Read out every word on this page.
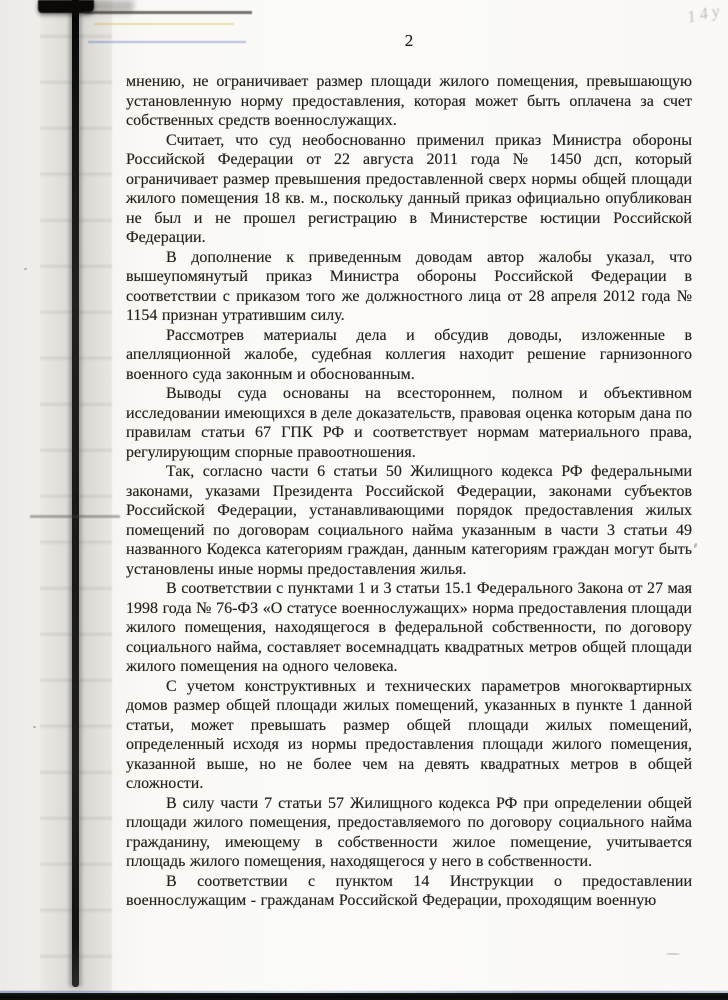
14у
2

мнению, не ограничивает размер площади жилого помещения, превышающую установленную норму предоставления, которая может быть оплачена за счет собственных средств военнослужащих.

Считает, что суд необоснованно применил приказ Министра обороны Российской Федерации от 22 августа 2011 года № 1450 дсп, который ограничивает размер превышения предоставленной сверх нормы общей площади жилого помещения 18 кв. м., поскольку данный приказ официально опубликован не был и не прошел регистрацию в Министерстве юстиции Российской Федерации.

В дополнение к приведенным доводам автор жалобы указал, что вышеупомянутый приказ Министра обороны Российской Федерации в соответствии с приказом того же должностного лица от 28 апреля 2012 года № 1154 признан утратившим силу.

Рассмотрев материалы дела и обсудив доводы, изложенные в апелляционной жалобе, судебная коллегия находит решение гарнизонного военного суда законным и обоснованным.

Выводы суда основаны на всестороннем, полном и объективном исследовании имеющихся в деле доказательств, правовая оценка которым дана по правилам статьи 67 ГПК РФ и соответствует нормам материального права, регулирующим спорные правоотношения.

Так, согласно части 6 статьи 50 Жилищного кодекса РФ федеральными законами, указами Президента Российской Федерации, законами субъектов Российской Федерации, устанавливающими порядок предоставления жилых помещений по договорам социального найма указанным в части 3 статьи 49 названного Кодекса категориям граждан, данным категориям граждан могут быть установлены иные нормы предоставления жилья.

В соответствии с пунктами 1 и 3 статьи 15.1 Федерального Закона от 27 мая 1998 года № 76-ФЗ «О статусе военнослужащих» норма предоставления площади жилого помещения, находящегося в федеральной собственности, по договору социального найма, составляет восемнадцать квадратных метров общей площади жилого помещения на одного человека.

С учетом конструктивных и технических параметров многоквартирных домов размер общей площади жилых помещений, указанных в пункте 1 данной статьи, может превышать размер общей площади жилых помещений, определенный исходя из нормы предоставления площади жилого помещения, указанной выше, но не более чем на девять квадратных метров в общей сложности.

В силу части 7 статьи 57 Жилищного кодекса РФ при определении общей площади жилого помещения, предоставляемого по договору социального найма гражданину, имеющему в собственности жилое помещение, учитывается площадь жилого помещения, находящегося у него в собственности.

В соответствии с пунктом 14 Инструкции о предоставлении военнослужащим - гражданам Российской Федерации, проходящим военную
